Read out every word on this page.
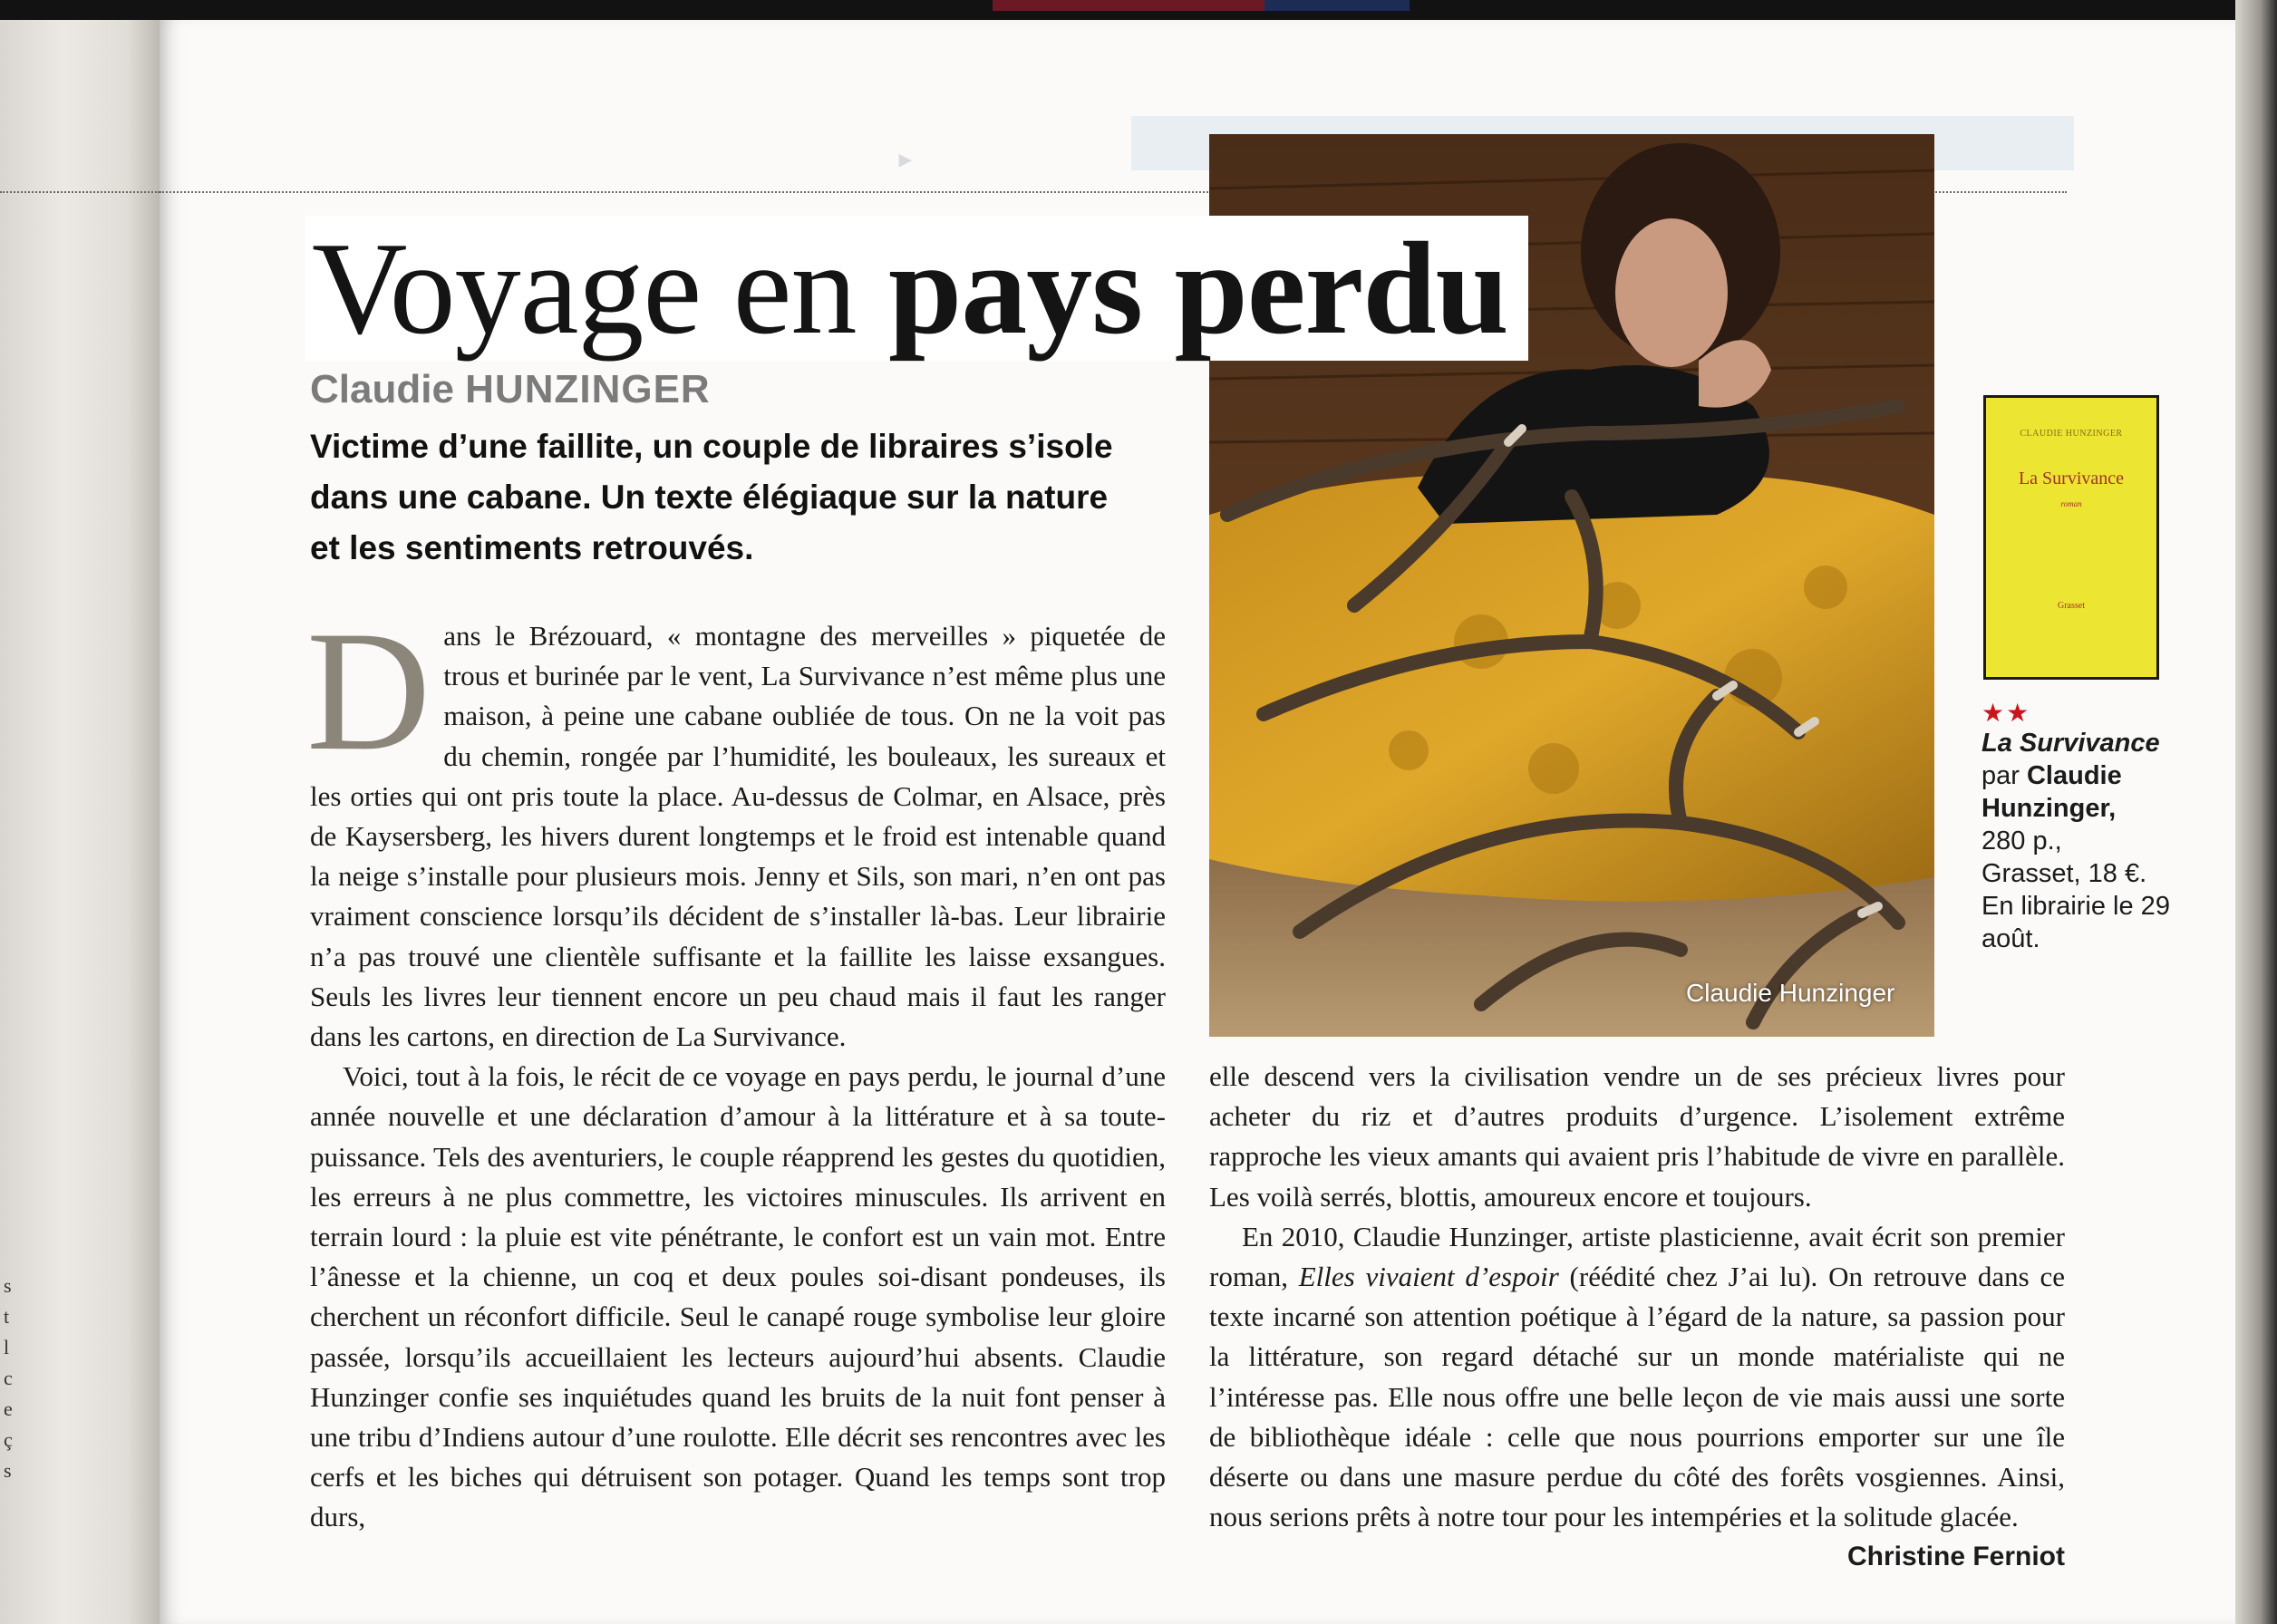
s
t
l
c
e
ç
s
▸
Claudie Hunzinger
Voyage en pays perdu
Claudie HUNZINGER
Victime d’une faillite, un couple de libraires s’isole dans une cabane. Un texte élégiaque sur la nature et les sentiments retrouvés.

Dans le Brézouard, « montagne des merveilles » piquetée de trous et burinée par le vent, La Survivance n’est même plus une maison, à peine une cabane oubliée de tous. On ne la voit pas du chemin, rongée par l’humidité, les bouleaux, les sureaux et les orties qui ont pris toute la place. Au-dessus de Colmar, en Alsace, près de Kaysersberg, les hivers durent longtemps et le froid est intenable quand la neige s’installe pour plusieurs mois. Jenny et Sils, son mari, n’en ont pas vraiment conscience lorsqu’ils décident de s’installer là-bas. Leur librairie n’a pas trouvé une clientèle suffisante et la faillite les laisse exsangues. Seuls les livres leur tiennent encore un peu chaud mais il faut les ranger dans les cartons, en direction de La Survivance.

Voici, tout à la fois, le récit de ce voyage en pays perdu, le journal d’une année nouvelle et une déclaration d’amour à la littérature et à sa toute-puissance. Tels des aventuriers, le couple réapprend les gestes du quotidien, les erreurs à ne plus commettre, les victoires minuscules. Ils arrivent en terrain lourd : la pluie est vite pénétrante, le confort est un vain mot. Entre l’ânesse et la chienne, un coq et deux poules soi-disant pondeuses, ils cherchent un réconfort difficile. Seul le canapé rouge symbolise leur gloire passée, lorsqu’ils accueillaient les lecteurs aujourd’hui absents. Claudie Hunzinger confie ses inquiétudes quand les bruits de la nuit font penser à une tribu d’Indiens autour d’une roulotte. Elle décrit ses rencontres avec les cerfs et les biches qui détruisent son potager. Quand les temps sont trop durs,

elle descend vers la civilisation vendre un de ses précieux livres pour acheter du riz et d’autres produits d’urgence. L’isolement extrême rapproche les vieux amants qui avaient pris l’habitude de vivre en parallèle. Les voilà serrés, blottis, amoureux encore et toujours.

En 2010, Claudie Hunzinger, artiste plasticienne, avait écrit son premier roman, Elles vivaient d’espoir (réédité chez J’ai lu). On retrouve dans ce texte incarné son attention poétique à l’égard de la nature, sa passion pour la littérature, son regard détaché sur un monde matérialiste qui ne l’intéresse pas. Elle nous offre une belle leçon de vie mais aussi une sorte de bibliothèque idéale : celle que nous pourrions emporter sur une île déserte ou dans une masure perdue du côté des forêts vosgiennes. Ainsi, nous serions prêts à notre tour pour les intempéries et la solitude glacée.
Christine Ferniot

CLAUDIE HUNZINGER
La Survivance
roman
Grasset
★★
La Survivance
par Claudie Hunzinger,
280 p.,
Grasset, 18 €.
En librairie le 29 août.
